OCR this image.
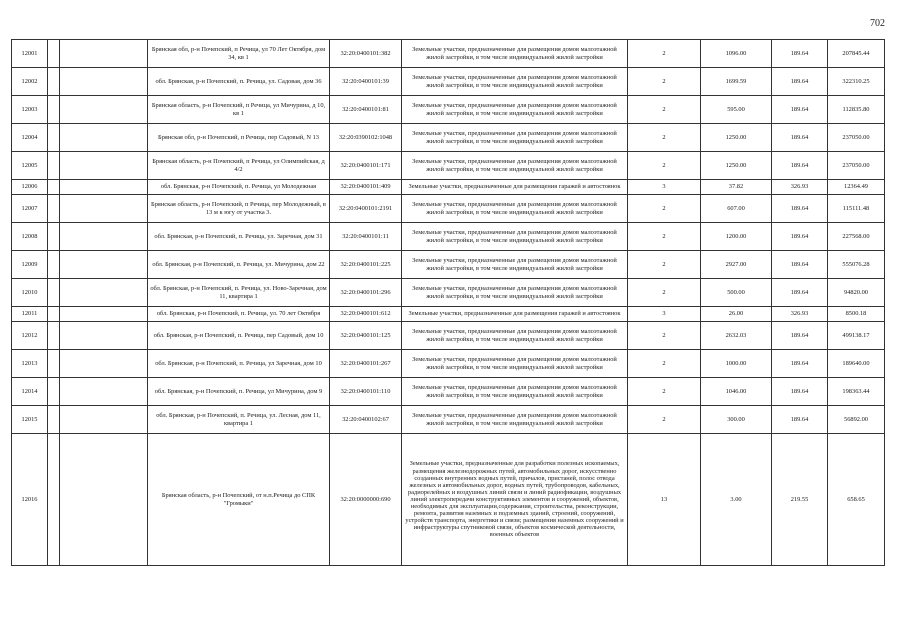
702
12001			Брянская обл, р-н Почепский, п Речица, ул 70 Лет Октября, дом 34, кв 1	32:20:0400101:382	Земельные участки, предназначенные для размещения домов малоэтажной жилой застройки, в том числе индивидуальной жилой застройки	2	1096.00	189.64	207845.44
12002			обл. Брянская, р-н Почепский, п. Речица, ул. Садовая, дом 36	32:20:0400101:39	Земельные участки, предназначенные для размещения домов малоэтажной жилой застройки, в том числе индивидуальной жилой застройки	2	1699.59	189.64	322310.25
12003			Брянская область, р-н Почепский, п Речица, ул Мичурина, д 10, кв 1	32:20:0400101:81	Земельные участки, предназначенные для размещения домов малоэтажной жилой застройки, в том числе индивидуальной жилой застройки	2	595.00	189.64	112835.80
12004			Брянская обл, р-н Почепский, п Речица, пер Садовый, N 13	32:20:0390102:1048	Земельные участки, предназначенные для размещения домов малоэтажной жилой застройки, в том числе индивидуальной жилой застройки	2	1250.00	189.64	237050.00
12005			Брянская область, р-н Почепский, п Речица, ул Олимпийская, д 4/2	32:20:0400101:171	Земельные участки, предназначенные для размещения домов малоэтажной жилой застройки, в том числе индивидуальной жилой застройки	2	1250.00	189.64	237050.00
12006			обл. Брянская, р-н Почепский, п. Речица, ул Молодежная	32:20:0400101:409	Земельные участки, предназначенные для размещения гаражей и автостоянок	3	37.82	326.93	12364.49
12007			Брянская область, р-н Почепский, п Речица, пер Молодежный, в 13 м к югу от участка 3.	32:20:0400101:2191	Земельные участки, предназначенные для размещения домов малоэтажной жилой застройки, в том числе индивидуальной жилой застройки	2	607.00	189.64	115111.48
12008			обл. Брянская, р-н Почепский, п. Речица, ул. Заречная, дом 31	32:20:0400101:11	Земельные участки, предназначенные для размещения домов малоэтажной жилой застройки, в том числе индивидуальной жилой застройки	2	1200.00	189.64	227568.00
12009			обл. Брянская, р-н Почепский, п. Речица, ул. Мичурина, дом 22	32:20:0400101:225	Земельные участки, предназначенные для размещения домов малоэтажной жилой застройки, в том числе индивидуальной жилой застройки	2	2927.00	189.64	555076.28
12010			обл. Брянская, р-н Почепский, п. Речица, ул. Ново-Заречная, дом 11, квартира 1	32:20:0400101:296	Земельные участки, предназначенные для размещения домов малоэтажной жилой застройки, в том числе индивидуальной жилой застройки	2	500.00	189.64	94820.00
12011			обл. Брянская, р-н Почепский, п. Речица, ул. 70 лет Октября	32:20:0400101:612	Земельные участки, предназначенные для размещения гаражей и автостоянок	3	26.00	326.93	8500.18
12012			обл. Брянская, р-н Почепский, п. Речица, пер Садовый, дом 10	32:20:0400101:125	Земельные участки, предназначенные для размещения домов малоэтажной жилой застройки, в том числе индивидуальной жилой застройки	2	2632.03	189.64	499138.17
12013			обл. Брянская, р-н Почепский, п. Речица, ул Заречная, дом 10	32:20:0400101:267	Земельные участки, предназначенные для размещения домов малоэтажной жилой застройки, в том числе индивидуальной жилой застройки	2	1000.00	189.64	189640.00
12014			обл. Брянская, р-н Почепский, п. Речица, ул Мичурина, дом 9	32:20:0400101:110	Земельные участки, предназначенные для размещения домов малоэтажной жилой застройки, в том числе индивидуальной жилой застройки	2	1046.00	189.64	198363.44
12015			обл. Брянская, р-н Почепский, п. Речица, ул. Лесная, дом 11, квартира 1	32:20:0400102:67	Земельные участки, предназначенные для размещения домов малоэтажной жилой застройки, в том числе индивидуальной жилой застройки	2	300.00	189.64	56892.00
12016			Брянская область, р-н Почепский, от н.п.Речица до СПК "Громыки"	32:20:0000000:690	Земельные участки, предназначенные для разработки полезных ископаемых, размещения железнодорожных путей, автомобильных дорог, искусственно созданных внутренних водных путей, причалов, пристаней, полос отвода железных и автомобильных дорог, водных путей, трубопроводов, кабельных, радиорелейных и воздушных линий связи и линий радиофикации, воздушных линий электропередачи конструктивных элементов и сооружений, объектов, необходимых для эксплуатации,содержания, строительства, реконструкции, ремонта, развития наземных и подземных зданий, строений, сооружений, устройств транспорта, энергетики и связи; размещения наземных сооружений и инфраструктуры спутниковой связи, объектов космической деятельности, военных объектов	13	3.00	219.55	658.65
